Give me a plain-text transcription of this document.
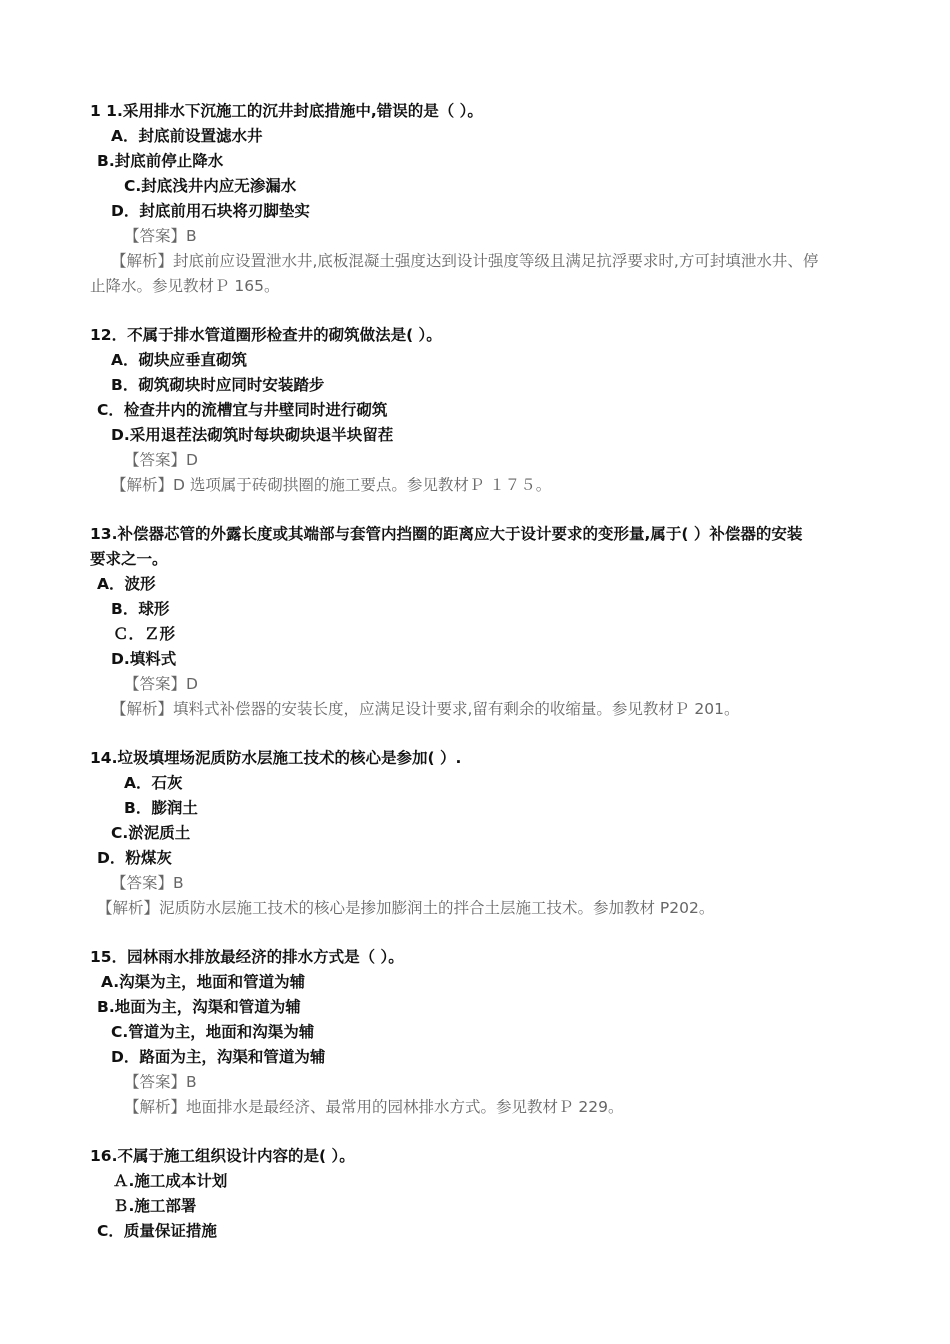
1 1.采用排水下沉施工的沉井封底措施中,错误的是（ ）。
A．封底前设置滤水井
B.封底前停止降水
C.封底浅井内应无渗漏水
D．封底前用石块将刃脚垫实
【答案】B
【解析】封底前应设置泄水井,底板混凝土强度达到设计强度等级且满足抗浮要求时,方可封填泄水井、停
止降水。参见教材Ｐ 165。
12．不属于排水管道圈形检查井的砌筑做法是( ）。
A．砌块应垂直砌筑
B．砌筑砌块时应同时安装踏步
C．检查井内的流槽宜与井壁同时进行砌筑
D.采用退茬法砌筑时每块砌块退半块留茬
【答案】D
【解析】D 选项属于砖砌拱圈的施工要点。参见教材Ｐ １７５。
13.补偿器芯管的外露长度或其端部与套管内挡圈的距离应大于设计要求的变形量,属于( ）补偿器的安装
要求之一。
A．波形
B．球形
Ｃ．Ｚ形
D.填料式
【答案】D
【解析】填料式补偿器的安装长度，应满足设计要求,留有剩余的收缩量。参见教材Ｐ 201。
14.垃圾填埋场泥质防水层施工技术的核心是参加( ）.
A．石灰
B．膨润土
C.淤泥质土
D．粉煤灰
【答案】B
【解析】泥质防水层施工技术的核心是掺加膨润土的拌合土层施工技术。参加教材 P202。
15．园林雨水排放最经济的排水方式是（ ）。
A.沟渠为主，地面和管道为辅
B.地面为主，沟渠和管道为辅
C.管道为主，地面和沟渠为辅
D．路面为主，沟渠和管道为辅
【答案】B
【解析】地面排水是最经济、最常用的园林排水方式。参见教材Ｐ 229。
16.不属于施工组织设计内容的是( ）。
Ａ.施工成本计划
Ｂ.施工部署
C．质量保证措施
